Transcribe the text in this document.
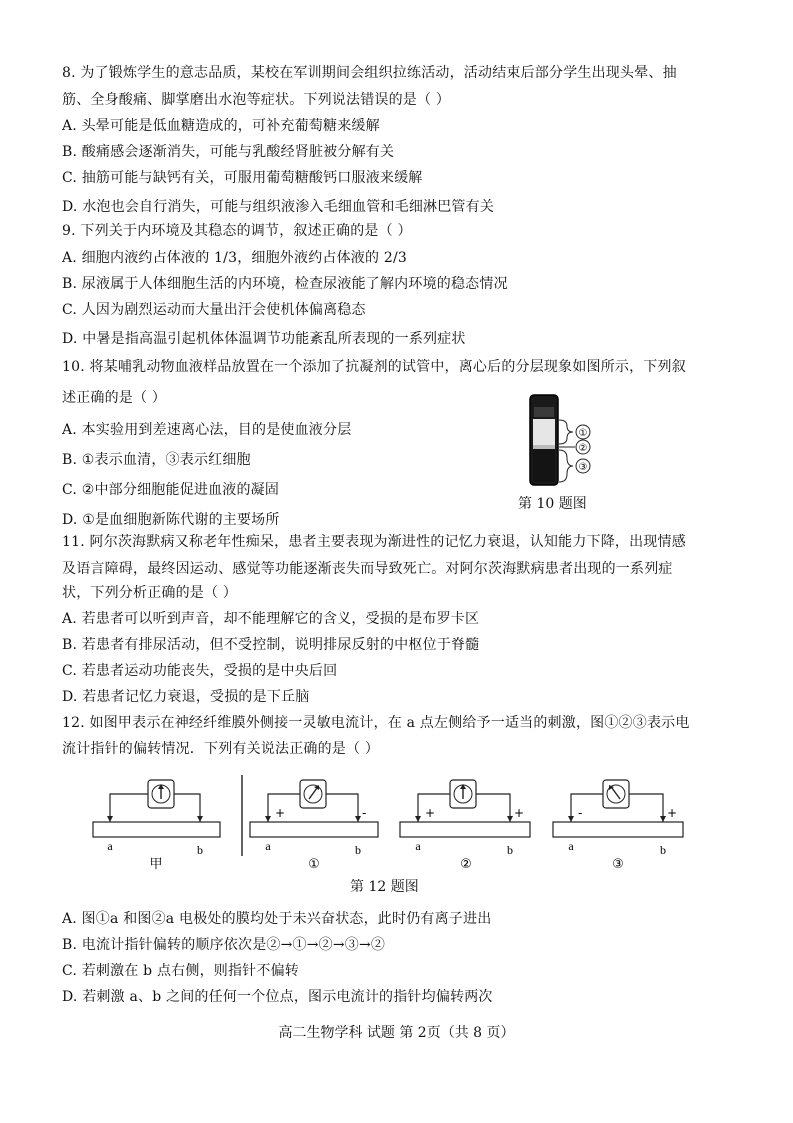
8. 为了锻炼学生的意志品质，某校在军训期间会组织拉练活动，活动结束后部分学生出现头晕、抽
筋、全身酸痛、脚掌磨出水泡等症状。下列说法错误的是（ ）
A. 头晕可能是低血糖造成的，可补充葡萄糖来缓解
B. 酸痛感会逐渐消失，可能与乳酸经肾脏被分解有关
C. 抽筋可能与缺钙有关，可服用葡萄糖酸钙口服液来缓解
D. 水泡也会自行消失，可能与组织液渗入毛细血管和毛细淋巴管有关
9. 下列关于内环境及其稳态的调节，叙述正确的是（ ）
A. 细胞内液约占体液的 1/3，细胞外液约占体液的 2/3
B. 尿液属于人体细胞生活的内环境，检查尿液能了解内环境的稳态情况
C. 人因为剧烈运动而大量出汗会使机体偏离稳态
D. 中暑是指高温引起机体体温调节功能紊乱所表现的一系列症状
10. 将某哺乳动物血液样品放置在一个添加了抗凝剂的试管中，离心后的分层现象如图所示，下列叙
述正确的是（ ）
A. 本实验用到差速离心法，目的是使血液分层
B. ①表示血清，③表示红细胞
C. ②中部分细胞能促进血液的凝固
D. ①是血细胞新陈代谢的主要场所
①
②
③
第 10 题图
11. 阿尔茨海默病又称老年性痴呆，患者主要表现为渐进性的记忆力衰退，认知能力下降，出现情感
及语言障碍，最终因运动、感觉等功能逐渐丧失而导致死亡。对阿尔茨海默病患者出现的一系列症
状，下列分析正确的是（ ）
A. 若患者可以听到声音，却不能理解它的含义，受损的是布罗卡区
B. 若患者有排尿活动，但不受控制，说明排尿反射的中枢位于脊髓
C. 若患者运动功能丧失，受损的是中央后回
D. 若患者记忆力衰退，受损的是下丘脑
12. 如图甲表示在神经纤维膜外侧接一灵敏电流计，在 a 点左侧给予一适当的刺激，图①②③表示电
流计指针的偏转情况．下列有关说法正确的是（ ）
a	b
甲
+	-
a	b
①
+	+
a	b
②
-	+
a	b
③
第 12 题图
A. 图①a 和图②a 电极处的膜均处于未兴奋状态，此时仍有离子进出
B. 电流计指针偏转的顺序依次是②→①→②→③→②
C. 若刺激在 b 点右侧，则指针不偏转
D. 若刺激 a、b 之间的任何一个位点，图示电流计的指针均偏转两次
高二生物学科 试题 第 2页（共 8 页）
